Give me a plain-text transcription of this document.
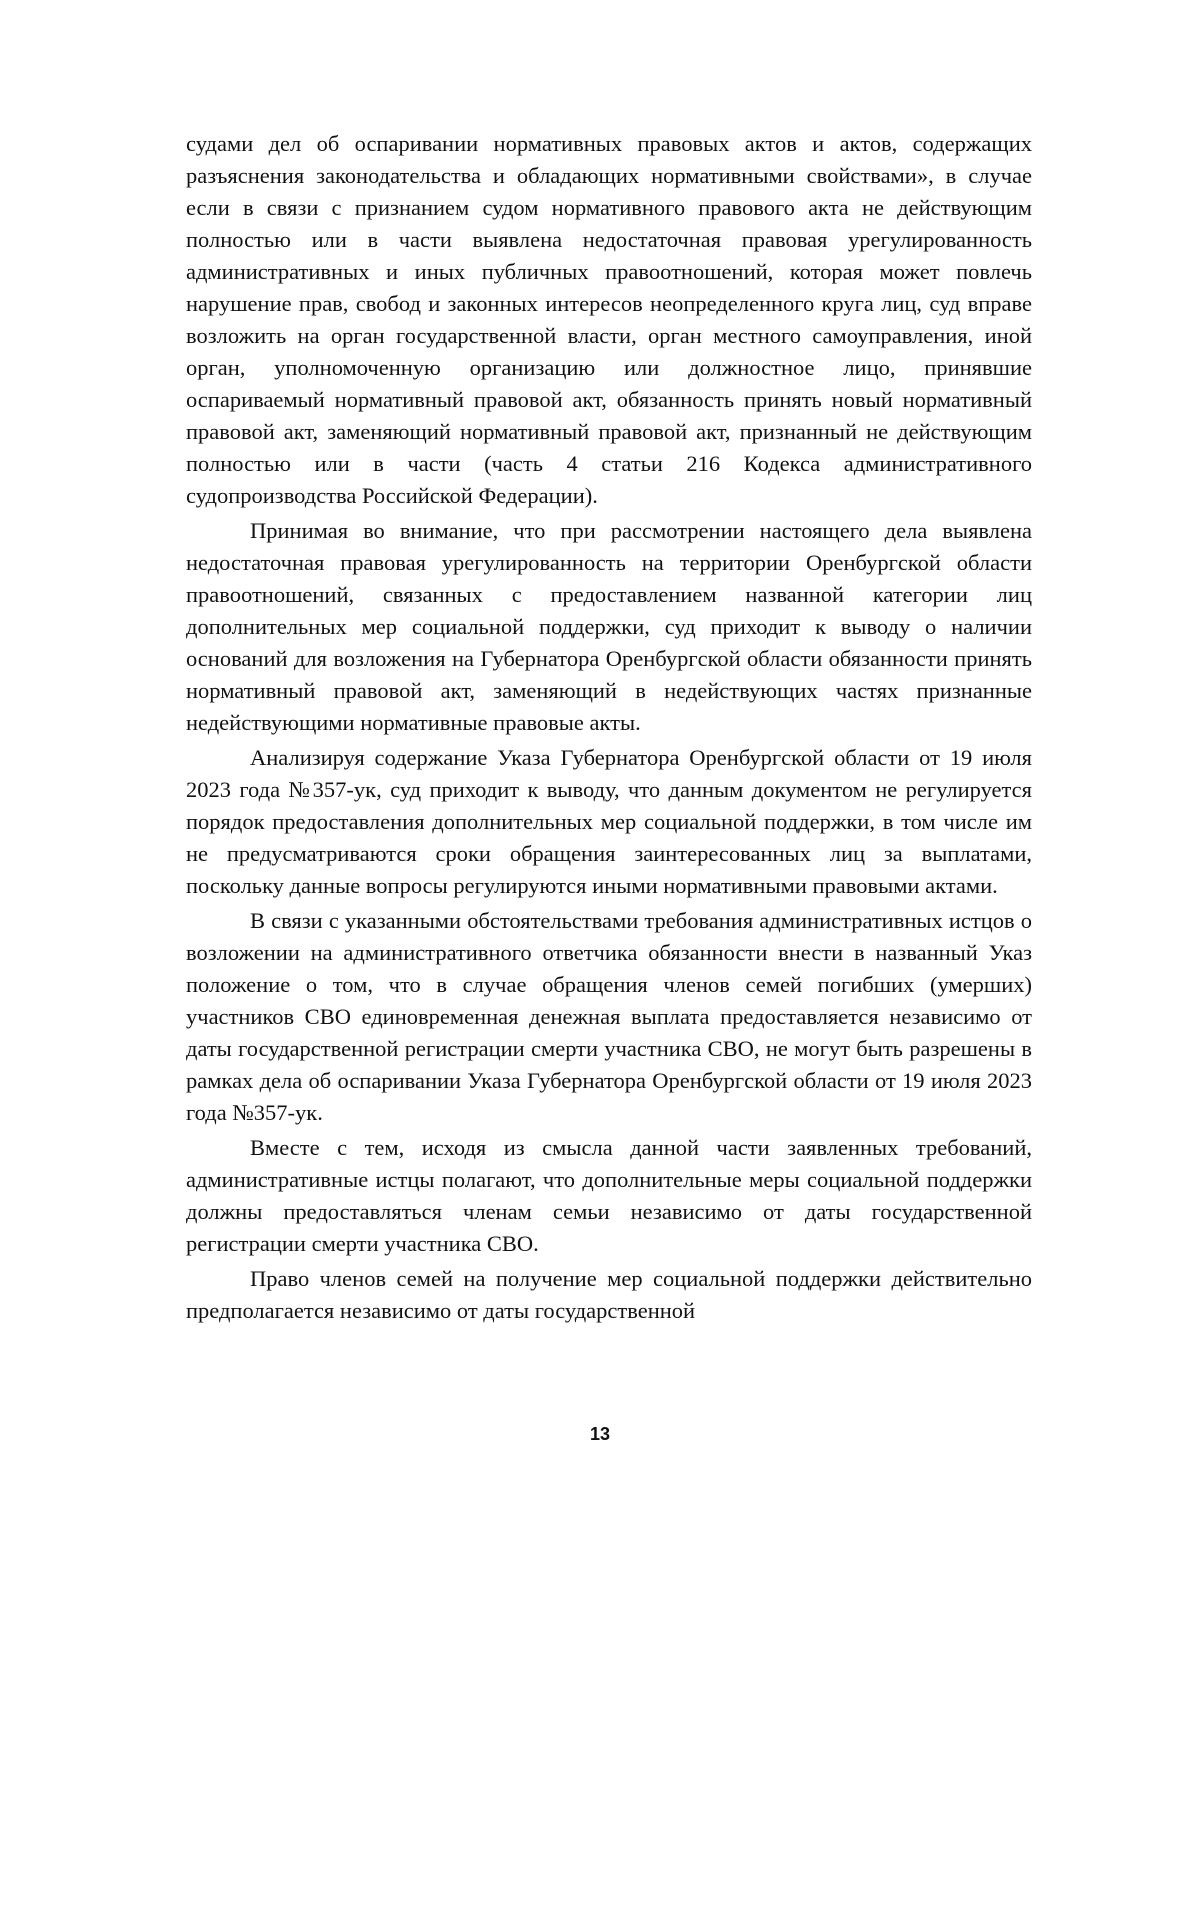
судами дел об оспаривании нормативных правовых актов и актов, содержащих разъяснения законодательства и обладающих нормативными свойствами», в случае если в связи с признанием судом нормативного правового акта не действующим полностью или в части выявлена недостаточная правовая урегулированность административных и иных публичных правоотношений, которая может повлечь нарушение прав, свобод и законных интересов неопределенного круга лиц, суд вправе возложить на орган государственной власти, орган местного самоуправления, иной орган, уполномоченную организацию или должностное лицо, принявшие оспариваемый нормативный правовой акт, обязанность принять новый нормативный правовой акт, заменяющий нормативный правовой акт, признанный не действующим полностью или в части (часть 4 статьи 216 Кодекса административного судопроизводства Российской Федерации).

Принимая во внимание, что при рассмотрении настоящего дела выявлена недостаточная правовая урегулированность на территории Оренбургской области правоотношений, связанных с предоставлением названной категории лиц дополнительных мер социальной поддержки, суд приходит к выводу о наличии оснований для возложения на Губернатора Оренбургской области обязанности принять нормативный правовой акт, заменяющий в недействующих частях признанные недействующими нормативные правовые акты.

Анализируя содержание Указа Губернатора Оренбургской области от 19 июля 2023 года №357-ук, суд приходит к выводу, что данным документом не регулируется порядок предоставления дополнительных мер социальной поддержки, в том числе им не предусматриваются сроки обращения заинтересованных лиц за выплатами, поскольку данные вопросы регулируются иными нормативными правовыми актами.

В связи с указанными обстоятельствами требования административных истцов о возложении на административного ответчика обязанности внести в названный Указ положение о том, что в случае обращения членов семей погибших (умерших) участников СВО единовременная денежная выплата предоставляется независимо от даты государственной регистрации смерти участника СВО, не могут быть разрешены в рамках дела об оспаривании Указа Губернатора Оренбургской области от 19 июля 2023 года №357-ук.

Вместе с тем, исходя из смысла данной части заявленных требований, административные истцы полагают, что дополнительные меры социальной поддержки должны предоставляться членам семьи независимо от даты государственной регистрации смерти участника СВО.

Право членов семей на получение мер социальной поддержки действительно предполагается независимо от даты государственной

13
